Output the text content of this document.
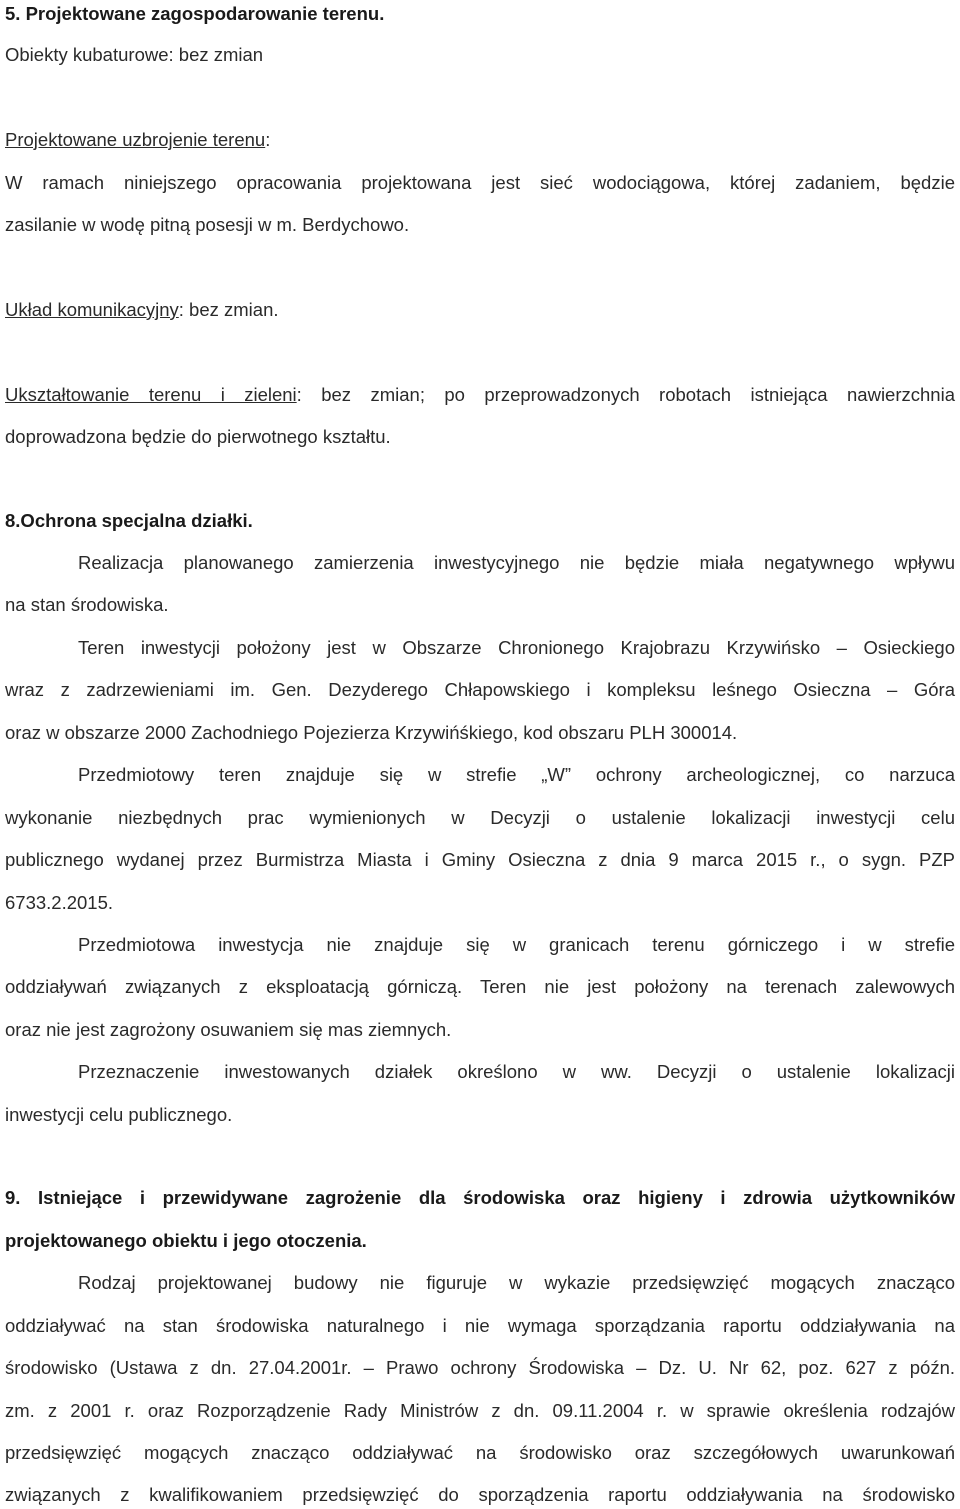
5. Projektowane zagospodarowanie terenu.
Obiekty kubaturowe: bez zmian
Projektowane uzbrojenie terenu:
W ramach niniejszego opracowania projektowana jest sieć wodociągowa, której zadaniem, będzie
zasilanie w wodę pitną posesji w m. Berdychowo.
Układ komunikacyjny: bez zmian.
Ukształtowanie terenu i zieleni: bez zmian; po przeprowadzonych robotach istniejąca nawierzchnia
doprowadzona będzie do pierwotnego kształtu.
8.Ochrona specjalna działki.
Realizacja planowanego zamierzenia inwestycyjnego nie będzie miała negatywnego wpływu
na stan środowiska.
Teren inwestycji położony jest w Obszarze Chronionego Krajobrazu Krzywińsko – Osieckiego
wraz z zadrzewieniami im. Gen. Dezyderego Chłapowskiego i kompleksu leśnego Osieczna – Góra
oraz w obszarze 2000 Zachodniego Pojezierza Krzywińśkiego, kod obszaru PLH 300014.
Przedmiotowy teren znajduje się w strefie „W” ochrony archeologicznej, co narzuca
wykonanie niezbędnych prac wymienionych w Decyzji o ustalenie lokalizacji inwestycji celu
publicznego wydanej przez Burmistrza Miasta i Gminy Osieczna z dnia 9 marca 2015 r., o sygn. PZP
6733.2.2015.
Przedmiotowa inwestycja nie znajduje się w granicach terenu górniczego i w strefie
oddziaływań związanych z eksploatacją górniczą. Teren nie jest położony na terenach zalewowych
oraz nie jest zagrożony osuwaniem się mas ziemnych.
Przeznaczenie inwestowanych działek określono w ww. Decyzji o ustalenie lokalizacji
inwestycji celu publicznego.
9. Istniejące i przewidywane zagrożenie dla środowiska oraz higieny i zdrowia użytkowników
projektowanego obiektu i jego otoczenia.
Rodzaj projektowanej budowy nie figuruje w wykazie przedsięwzięć mogących znacząco
oddziaływać na stan środowiska naturalnego i nie wymaga sporządzania raportu oddziaływania na
środowisko (Ustawa z dn. 27.04.2001r. – Prawo ochrony Środowiska – Dz. U. Nr 62, poz. 627 z późn.
zm. z 2001 r. oraz Rozporządzenie Rady Ministrów z dn. 09.11.2004 r. w sprawie określenia rodzajów
przedsięwzięć mogących znacząco oddziaływać na środowisko oraz szczegółowych uwarunkowań
związanych z kwalifikowaniem przedsięwzięć do sporządzenia raportu oddziaływania na środowisko
